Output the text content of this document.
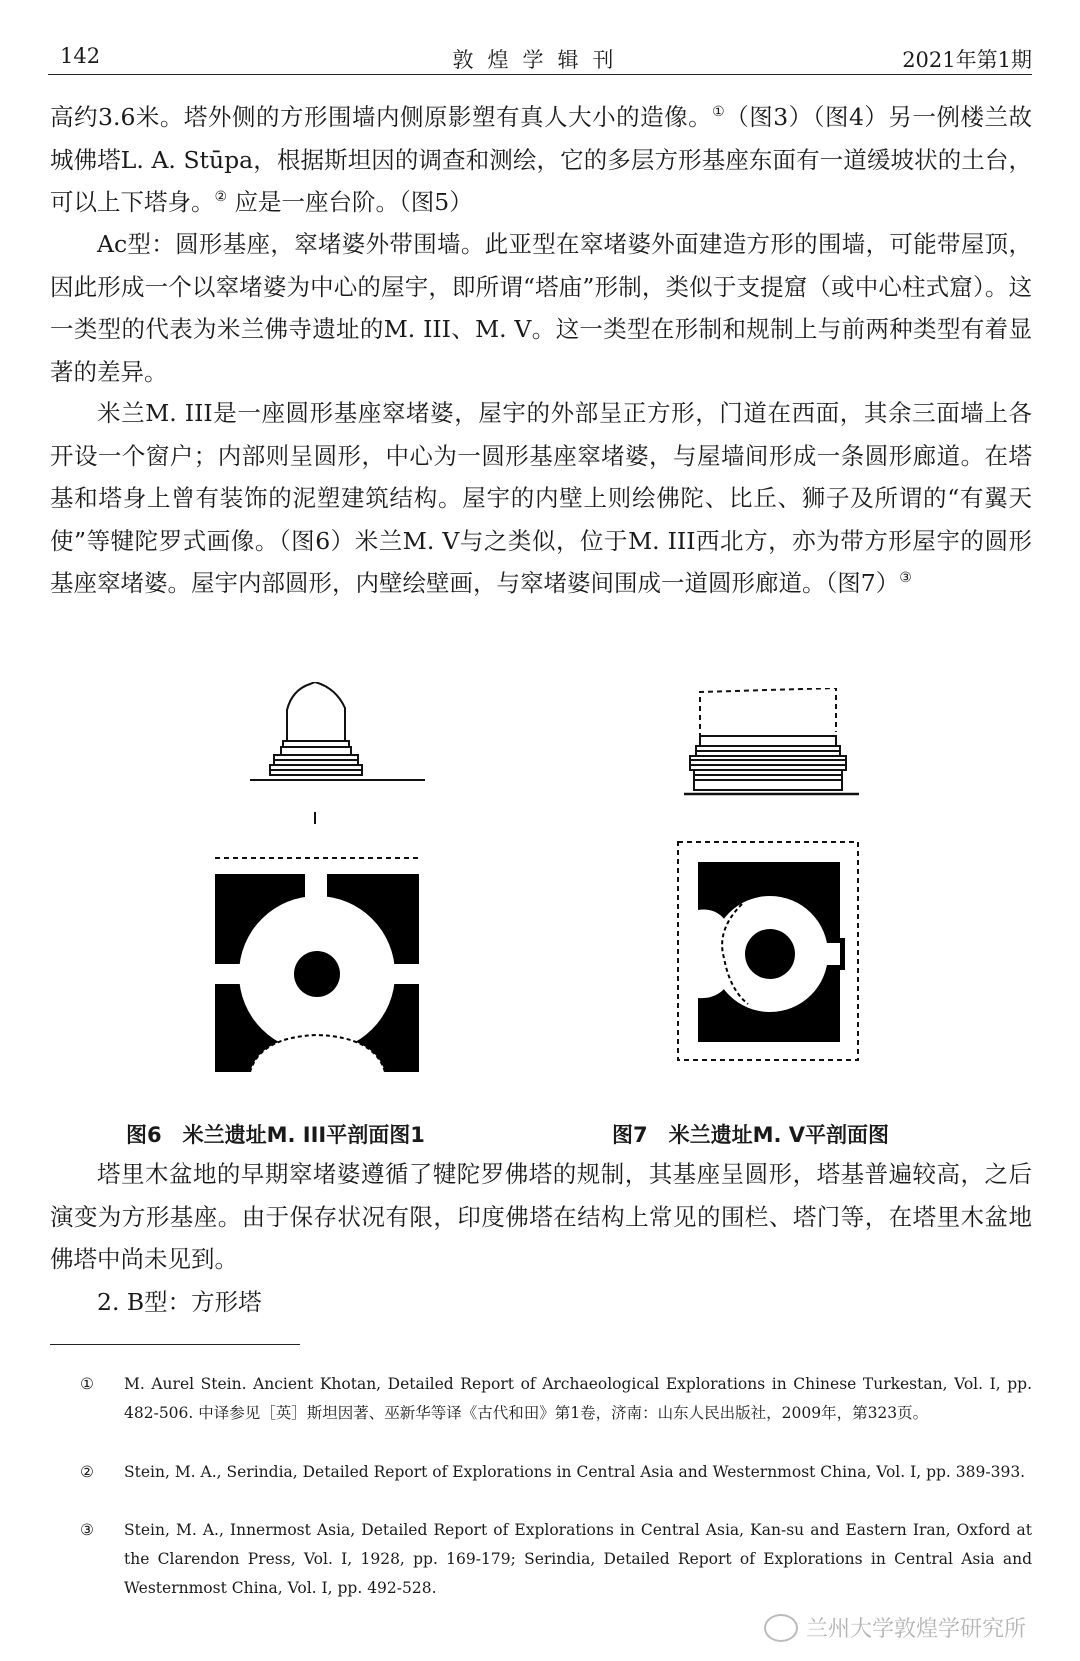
142	敦煌学辑刊	2021年第1期

高约3.6米。塔外侧的方形围墙内侧原影塑有真人大小的造像。①（图3）（图4）另一例楼兰故城佛塔L. A. Stūpa，根据斯坦因的调查和测绘，它的多层方形基座东面有一道缓坡状的土台，可以上下塔身。② 应是一座台阶。（图5）

Ac型：圆形基座，窣堵婆外带围墙。此亚型在窣堵婆外面建造方形的围墙，可能带屋顶，因此形成一个以窣堵婆为中心的屋宇，即所谓“塔庙”形制，类似于支提窟（或中心柱式窟）。这一类型的代表为米兰佛寺遗址的M. III、M. V。这一类型在形制和规制上与前两种类型有着显著的差异。

米兰M. III是一座圆形基座窣堵婆，屋宇的外部呈正方形，门道在西面，其余三面墙上各开设一个窗户；内部则呈圆形，中心为一圆形基座窣堵婆，与屋墙间形成一条圆形廊道。在塔基和塔身上曾有装饰的泥塑建筑结构。屋宇的内壁上则绘佛陀、比丘、狮子及所谓的“有翼天使”等犍陀罗式画像。（图6）米兰M. V与之类似，位于M. III西北方，亦为带方形屋宇的圆形基座窣堵婆。屋宇内部圆形，内壁绘壁画，与窣堵婆间围成一道圆形廊道。（图7）③

图6　米兰遗址M. III平剖面图1	图7　米兰遗址M. V平剖面图

塔里木盆地的早期窣堵婆遵循了犍陀罗佛塔的规制，其基座呈圆形，塔基普遍较高，之后演变为方形基座。由于保存状况有限，印度佛塔在结构上常见的围栏、塔门等，在塔里木盆地佛塔中尚未见到。

2. B型：方形塔

①	M. Aurel Stein. Ancient Khotan, Detailed Report of Archaeological Explorations in Chinese Turkestan, Vol. I, pp. 482-506. 中译参见［英］斯坦因著、巫新华等译《古代和田》第1卷，济南：山东人民出版社，2009年，第323页。

②	Stein, M. A., Serindia, Detailed Report of Explorations in Central Asia and Westernmost China, Vol. I, pp. 389-393.

③	Stein, M. A., Innermost Asia, Detailed Report of Explorations in Central Asia, Kan-su and Eastern Iran, Oxford at the Clarendon Press, Vol. I, 1928, pp. 169-179; Serindia, Detailed Report of Explorations in Central Asia and Westernmost China, Vol. I, pp. 492-528.

兰州大学敦煌学研究所
